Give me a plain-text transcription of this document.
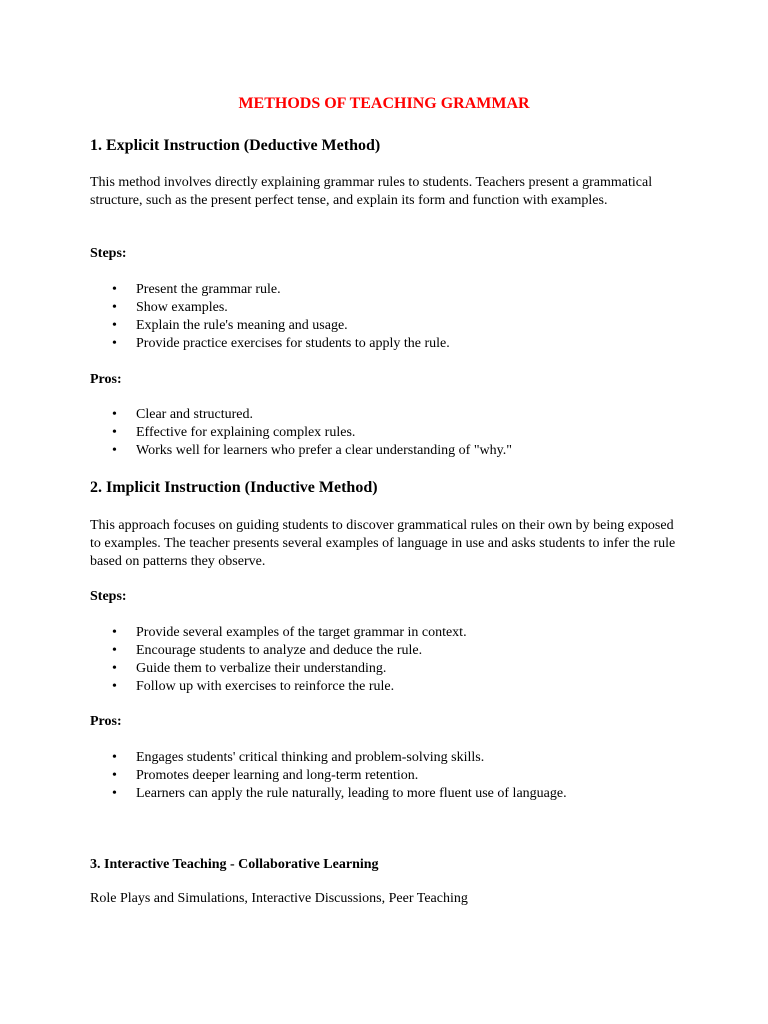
METHODS OF TEACHING GRAMMAR
1. Explicit Instruction (Deductive Method)

This method involves directly explaining grammar rules to students. Teachers present a grammatical structure, such as the present perfect tense, and explain its form and function with examples.

Steps:

• Present the grammar rule.
• Show examples.
• Explain the rule's meaning and usage.
• Provide practice exercises for students to apply the rule.

Pros:

• Clear and structured.
• Effective for explaining complex rules.
• Works well for learners who prefer a clear understanding of "why."
2. Implicit Instruction (Inductive Method)

This approach focuses on guiding students to discover grammatical rules on their own by being exposed to examples. The teacher presents several examples of language in use and asks students to infer the rule based on patterns they observe.

Steps:

• Provide several examples of the target grammar in context.
• Encourage students to analyze and deduce the rule.
• Guide them to verbalize their understanding.
• Follow up with exercises to reinforce the rule.

Pros:

• Engages students' critical thinking and problem-solving skills.
• Promotes deeper learning and long-term retention.
• Learners can apply the rule naturally, leading to more fluent use of language.
3. Interactive Teaching - Collaborative Learning

Role Plays and Simulations, Interactive Discussions, Peer Teaching
